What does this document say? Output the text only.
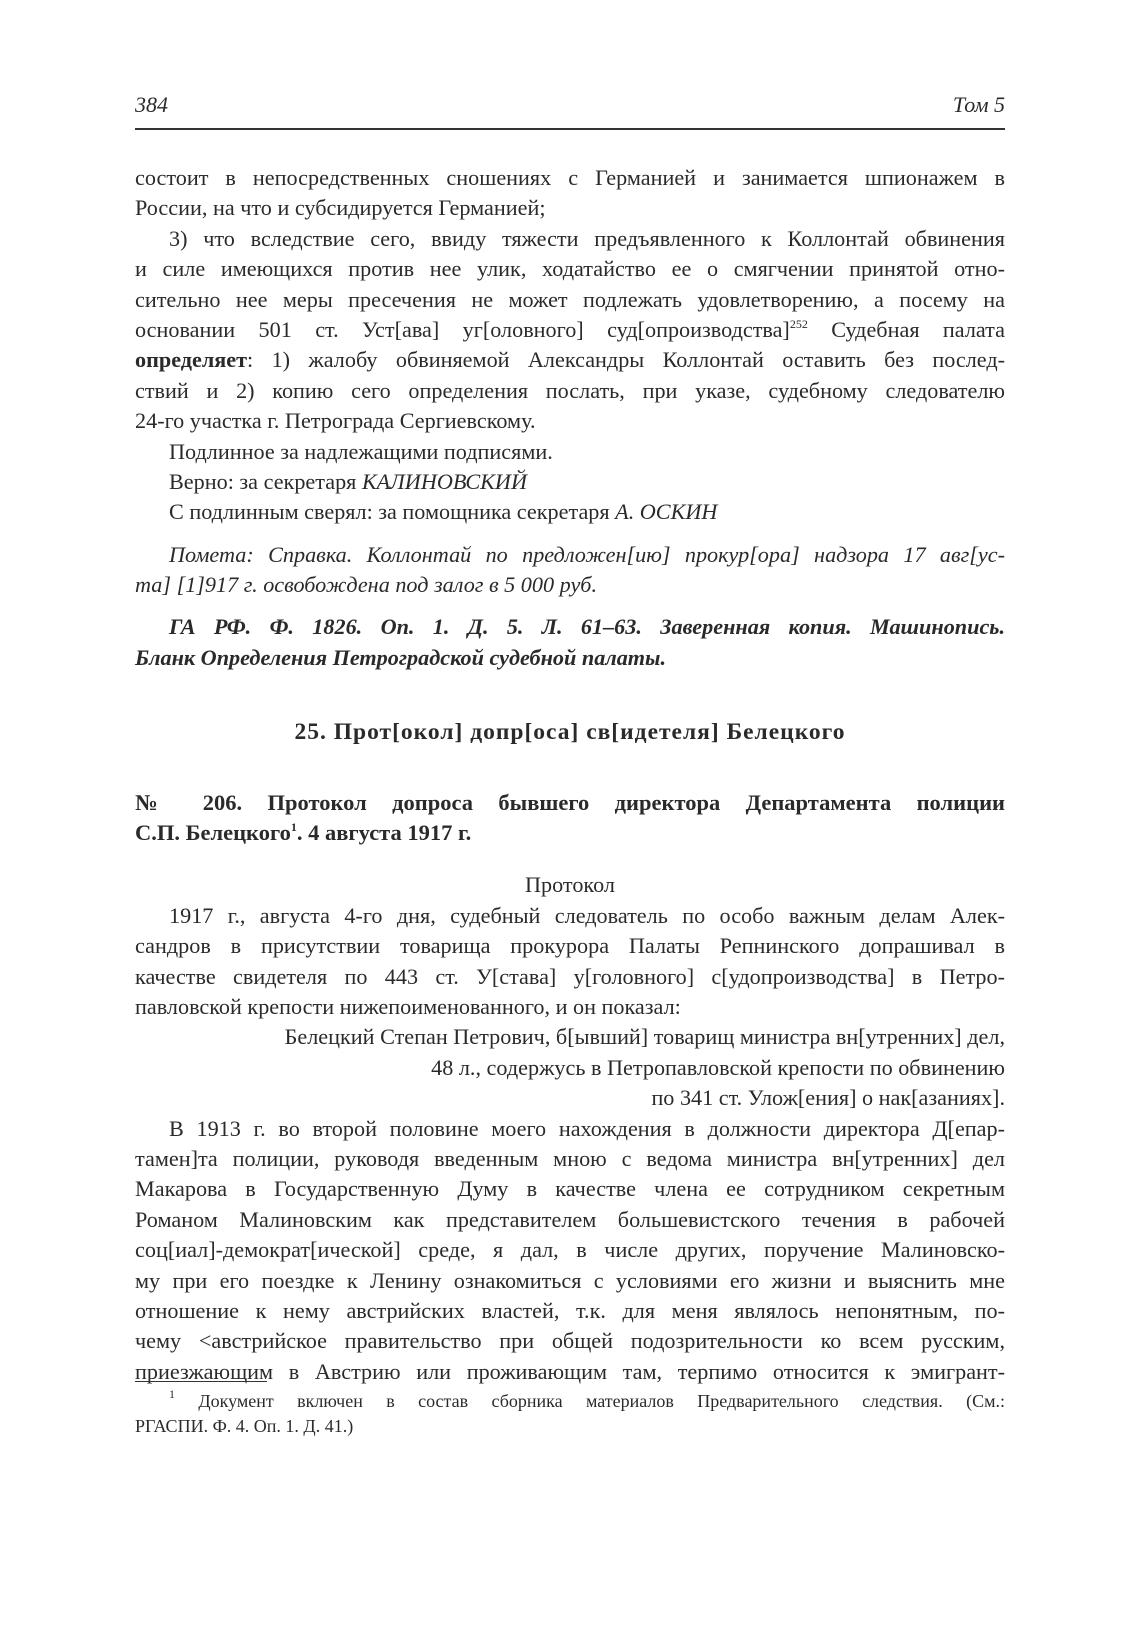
384	Том 5
состоит в непосредственных сношениях с Германией и занимается шпионажем в
России, на что и субсидируется Германией;
3) что вследствие сего, ввиду тяжести предъявленного к Коллонтай обвинения
и силе имеющихся против нее улик, ходатайство ее о смягчении принятой отно-
сительно нее меры пресечения не может подлежать удовлетворению, а посему на
основании 501 ст. Уст[ава] уг[оловного] суд[опроизводства]$^{252}$ Судебная палата
определяет: 1) жалобу обвиняемой Александры Коллонтай оставить без послед-
ствий и 2) копию сего определения послать, при указе, судебному следователю
24-го участка г. Петрограда Сергиевскому.
Подлинное за надлежащими подписями.
Верно: за секретаря КАЛИНОВСКИЙ
С подлинным сверял: за помощника секретаря А. ОСКИН
Помета: Справка. Коллонтай по предложен[ию] прокур[ора] надзора 17 авг[ус-
та] [1]917 г. освобождена под залог в 5 000 руб.
ГА РФ. Ф. 1826. Оп. 1. Д. 5. Л. 61–63. Заверенная копия. Машинопись.
Бланк Определения Петроградской судебной палаты.
25. Прот[окол] допр[оса] св[идетеля] Белецкого
№ 206. Протокол допроса бывшего директора Департамента полиции
С.П. Белецкого$^1$. 4 августа 1917 г.
Протокол
1917 г., августа 4-го дня, судебный следователь по особо важным делам Алек-
сандров в присутствии товарища прокурора Палаты Репнинского допрашивал в
качестве свидетеля по 443 ст. У[става] у[головного] с[удопроизводства] в Петро-
павловской крепости нижепоименованного, и он показал:
Белецкий Степан Петрович, б[ывший] товарищ министра вн[утренних] дел,
48 л., содержусь в Петропавловской крепости по обвинению
по 341 ст. Улож[ения] о нак[азаниях].
В 1913 г. во второй половине моего нахождения в должности директора Д[епар-
тамен]та полиции, руководя введенным мною с ведома министра вн[утренних] дел
Макарова в Государственную Думу в качестве члена ее сотрудником секретным
Романом Малиновским как представителем большевистского течения в рабочей
соц[иал]-демократ[ической] среде, я дал, в числе других, поручение Малиновско-
му при его поездке к Ленину ознакомиться с условиями его жизни и выяснить мне
отношение к нему австрийских властей, т.к. для меня являлось непонятным, по-
чему <австрийское правительство при общей подозрительности ко всем русским,
приезжающим в Австрию или проживающим там, терпимо относится к эмигрант-
$^1$ Документ включен в состав сборника материалов Предварительного следствия. (См.:
РГАСПИ. Ф. 4. Оп. 1. Д. 41.)
